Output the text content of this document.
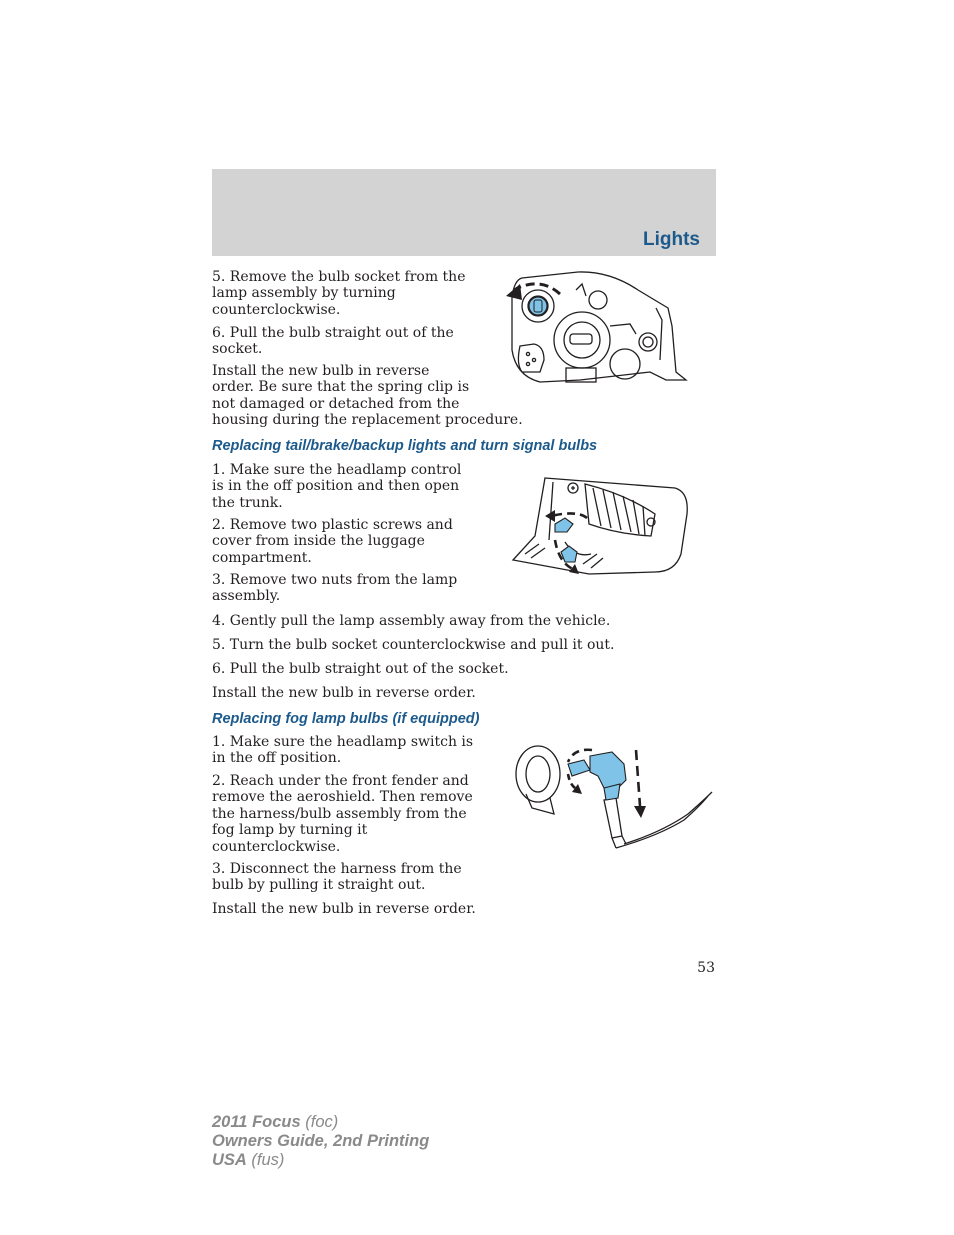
Lights

5. Remove the bulb socket from the
lamp assembly by turning
counterclockwise.

6. Pull the bulb straight out of the
socket.

Install the new bulb in reverse
order. Be sure that the spring clip is
not damaged or detached from the
housing during the replacement procedure.

Replacing tail/brake/backup lights and turn signal bulbs

1. Make sure the headlamp control
is in the off position and then open
the trunk.

2. Remove two plastic screws and
cover from inside the luggage
compartment.

3. Remove two nuts from the lamp
assembly.

4. Gently pull the lamp assembly away from the vehicle.

5. Turn the bulb socket counterclockwise and pull it out.

6. Pull the bulb straight out of the socket.

Install the new bulb in reverse order.

Replacing fog lamp bulbs (if equipped)

1. Make sure the headlamp switch is
in the off position.

2. Reach under the front fender and
remove the aeroshield. Then remove
the harness/bulb assembly from the
fog lamp by turning it
counterclockwise.

3. Disconnect the harness from the
bulb by pulling it straight out.

Install the new bulb in reverse order.

53
2011 Focus (foc)
Owners Guide, 2nd Printing
USA (fus)
